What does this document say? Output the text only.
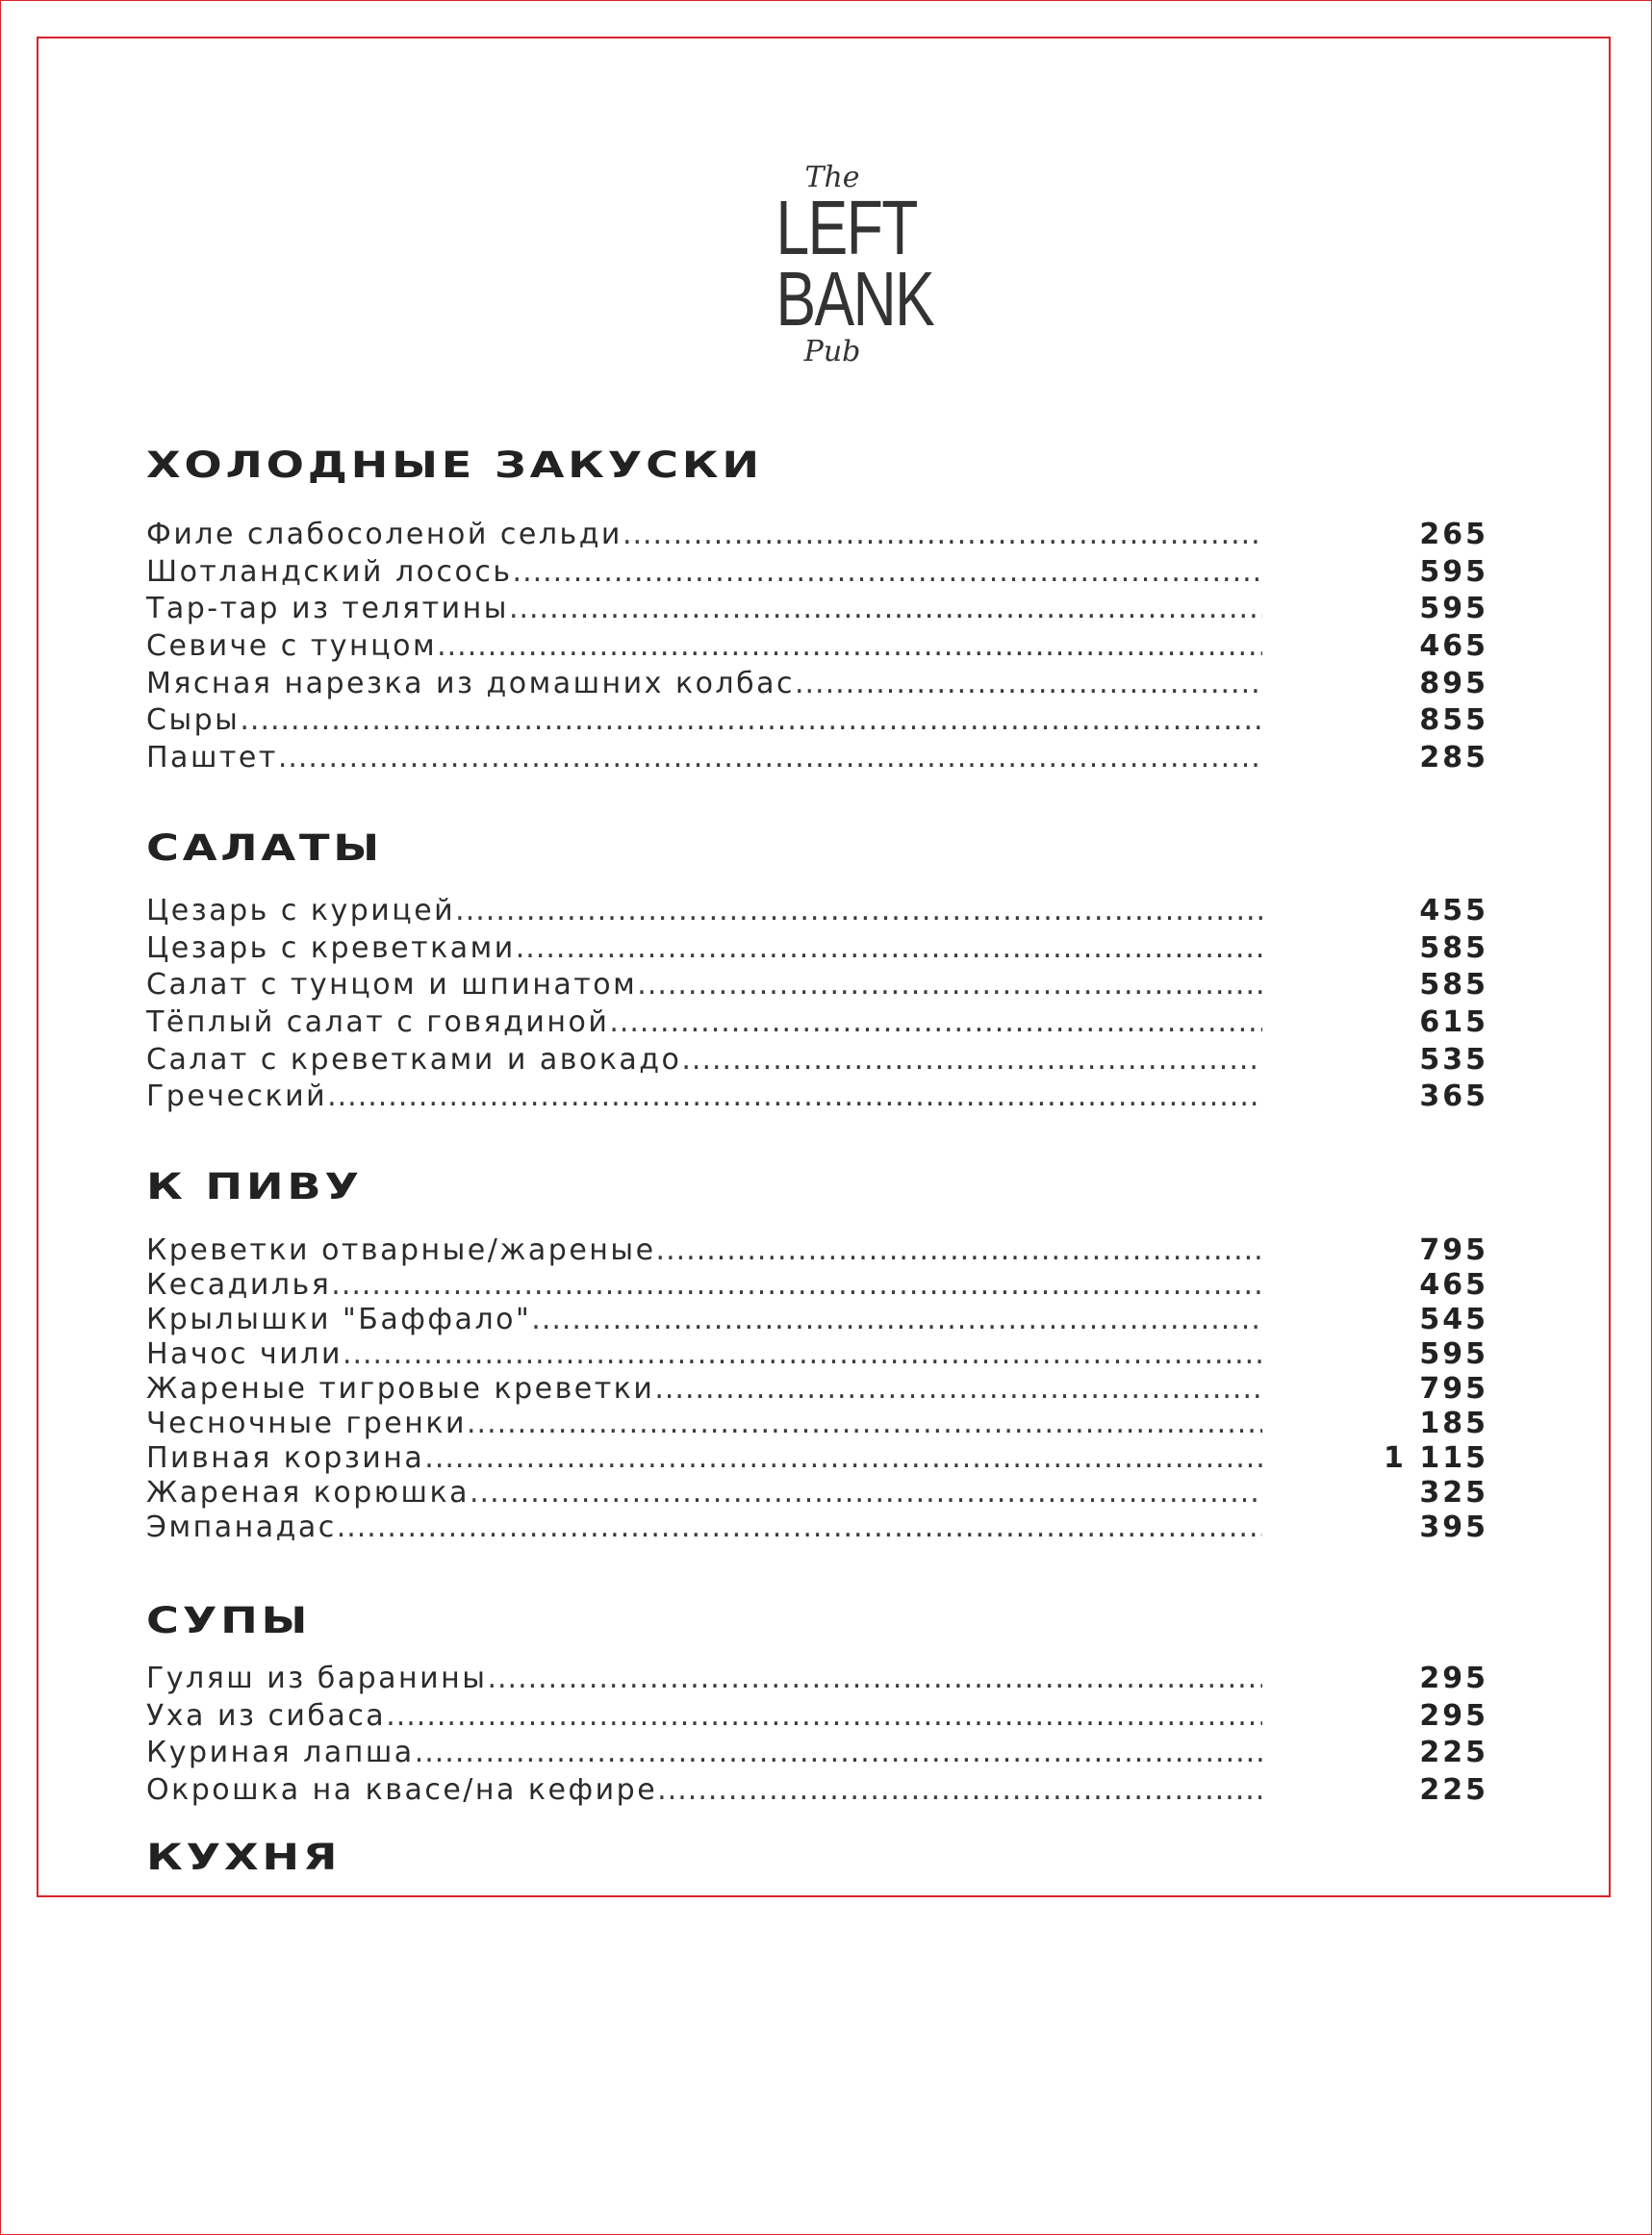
The
LEFT
BANK
Pub
ХОЛОДНЫЕ ЗАКУСКИ
Филе слабосоленой сельди .....	265
Шотландский лосось .....	595
Тар-тар из телятины .....	595
Севиче с тунцом .....	465
Мясная нарезка из домашних колбас .....	895
Сыры .....	855
Паштет .....	285
САЛАТЫ
Цезарь с курицей .....	455
Цезарь с креветками .....	585
Салат с тунцом и шпинатом .....	585
Тёплый салат с говядиной .....	615
Салат с креветками и авокадо .....	535
Греческий .....	365
К ПИВУ
Креветки отварные/жареные .....	795
Кесадилья .....	465
Крылышки "Баффало" .....	545
Начос чили .....	595
Жареные тигровые креветки .....	795
Чесночные гренки .....	185
Пивная корзина .....	1 115
Жареная корюшка .....	325
Эмпанадас .....	395
СУПЫ
Гуляш из баранины .....	295
Уха из сибаса .....	295
Куриная лапша .....	225
Окрошка на квасе/на кефире .....	225
КУХНЯ
